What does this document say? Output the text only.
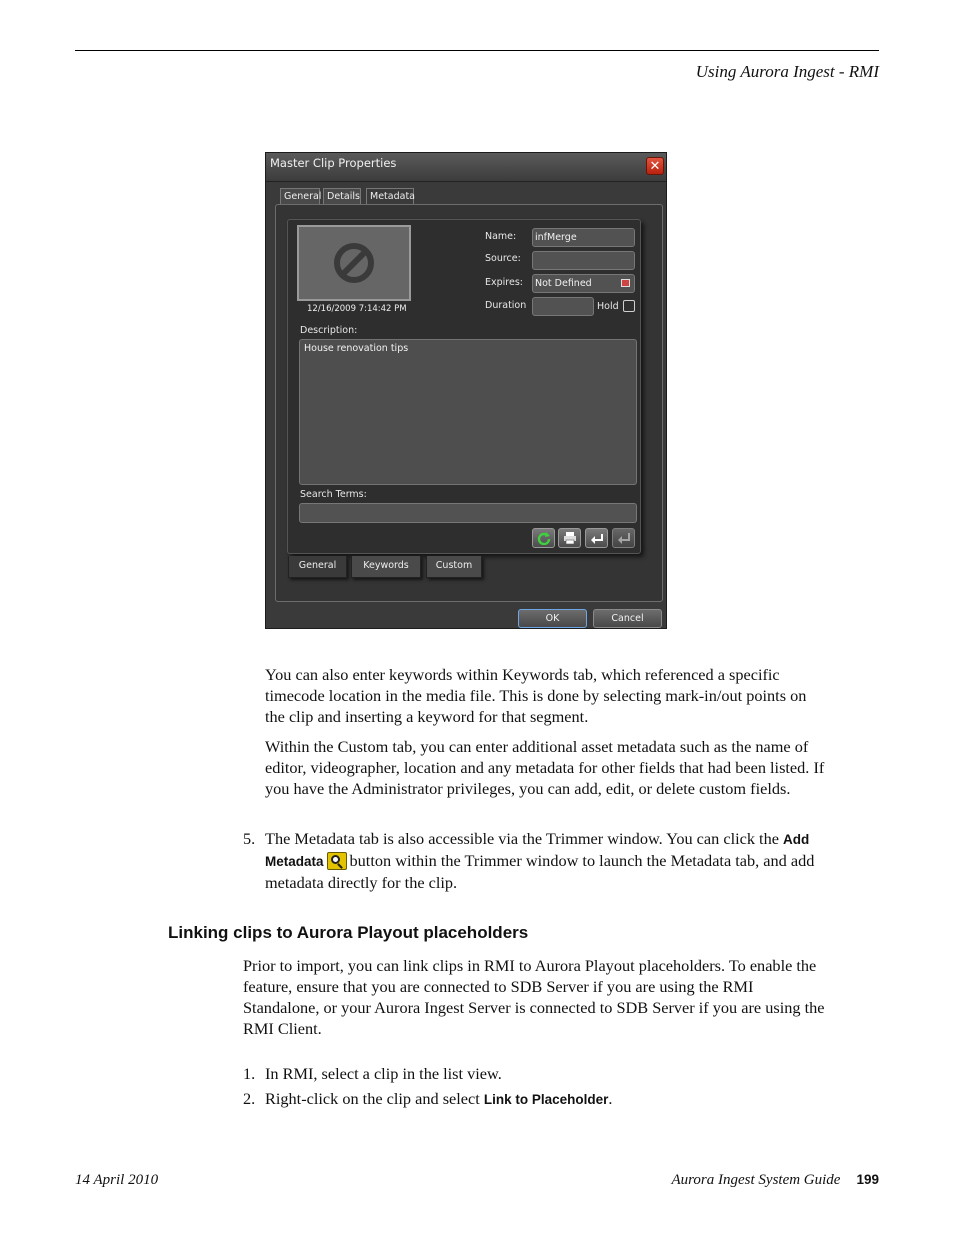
Using Aurora Ingest - RMI
Master Clip Properties	✕
General Details	Metadata
12/16/2009 7:14:42 PM
Name:	infMerge
Source:
Expires:	Not Defined
Duration	Hold
Description:
House renovation tips
Search Terms:
General	Keywords	Custom
OK	Cancel

You can also enter keywords within Keywords tab, which referenced a specific timecode location in the media file. This is done by selecting mark-in/out points on the clip and inserting a keyword for that segment.

Within the Custom tab, you can enter additional asset metadata such as the name of editor, videographer, location and any metadata for other fields that had been listed. If you have the Administrator privileges, you can add, edit, or delete custom fields.

5. The Metadata tab is also accessible via the Trimmer window. You can click the Add Metadata button within the Trimmer window to launch the Metadata tab, and add metadata directly for the clip.

Linking clips to Aurora Playout placeholders

Prior to import, you can link clips in RMI to Aurora Playout placeholders. To enable the feature, ensure that you are connected to SDB Server if you are using the RMI Standalone, or your Aurora Ingest Server is connected to SDB Server if you are using the RMI Client.

1. In RMI, select a clip in the list view.

2. Right-click on the clip and select Link to Placeholder.

14 April 2010	Aurora Ingest System Guide 199
